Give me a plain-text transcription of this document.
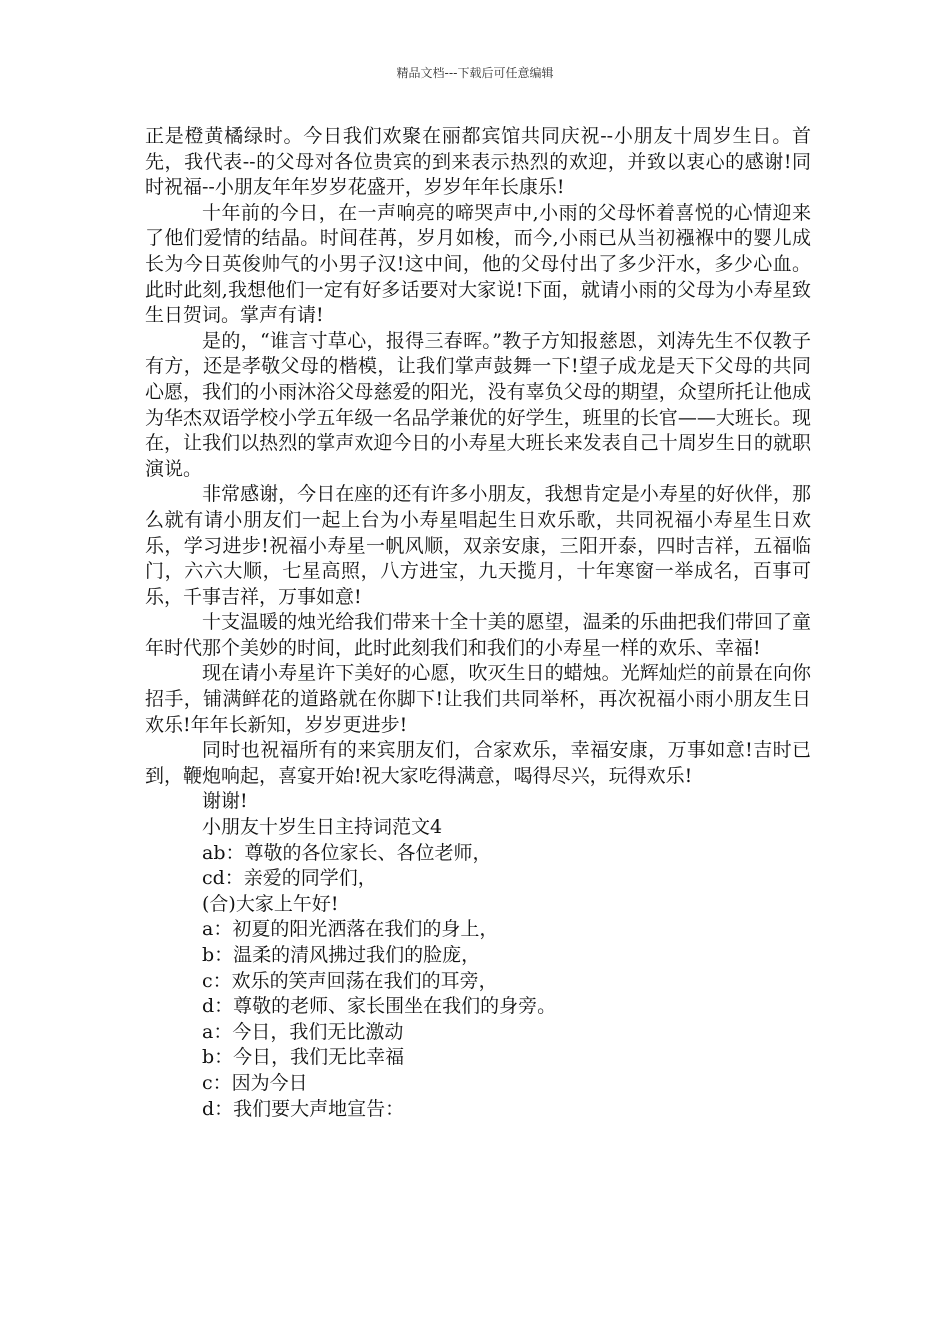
精品文档---下载后可任意编辑

正是橙黄橘绿时。今日我们欢聚在丽都宾馆共同庆祝--小朋友十周岁生日。首先，我代表--的父母对各位贵宾的到来表示热烈的欢迎，并致以衷心的感谢!同时祝福--小朋友年年岁岁花盛开，岁岁年年长康乐!

十年前的今日，在一声响亮的啼哭声中,小雨的父母怀着喜悦的心情迎来了他们爱情的结晶。时间荏苒，岁月如梭，而今,小雨已从当初襁褓中的婴儿成长为今日英俊帅气的小男子汉!这中间，他的父母付出了多少汗水，多少心血。此时此刻,我想他们一定有好多话要对大家说!下面，就请小雨的父母为小寿星致生日贺词。掌声有请!

是的，“谁言寸草心，报得三春晖。”教子方知报慈恩，刘涛先生不仅教子有方，还是孝敬父母的楷模，让我们掌声鼓舞一下!望子成龙是天下父母的共同心愿，我们的小雨沐浴父母慈爱的阳光，没有辜负父母的期望，众望所托让他成为华杰双语学校小学五年级一名品学兼优的好学生，班里的长官——大班长。现在，让我们以热烈的掌声欢迎今日的小寿星大班长来发表自己十周岁生日的就职演说。

非常感谢，今日在座的还有许多小朋友，我想肯定是小寿星的好伙伴，那么就有请小朋友们一起上台为小寿星唱起生日欢乐歌，共同祝福小寿星生日欢乐，学习进步!祝福小寿星一帆风顺，双亲安康，三阳开泰，四时吉祥，五福临门，六六大顺，七星高照，八方进宝，九天揽月，十年寒窗一举成名，百事可乐，千事吉祥，万事如意!

十支温暖的烛光给我们带来十全十美的愿望，温柔的乐曲把我们带回了童年时代那个美妙的时间，此时此刻我们和我们的小寿星一样的欢乐、幸福!

现在请小寿星许下美好的心愿，吹灭生日的蜡烛。光辉灿烂的前景在向你招手，铺满鲜花的道路就在你脚下!让我们共同举杯，再次祝福小雨小朋友生日欢乐!年年长新知，岁岁更进步!

同时也祝福所有的来宾朋友们，合家欢乐，幸福安康，万事如意!吉时已到，鞭炮响起，喜宴开始!祝大家吃得满意，喝得尽兴，玩得欢乐!

谢谢!

小朋友十岁生日主持词范文4

ab：尊敬的各位家长、各位老师，

cd：亲爱的同学们，

(合)大家上午好!

a：初夏的阳光洒落在我们的身上，

b：温柔的清风拂过我们的脸庞，

c：欢乐的笑声回荡在我们的耳旁，

d：尊敬的老师、家长围坐在我们的身旁。

a：今日，我们无比激动

b：今日，我们无比幸福

c：因为今日

d：我们要大声地宣告：
